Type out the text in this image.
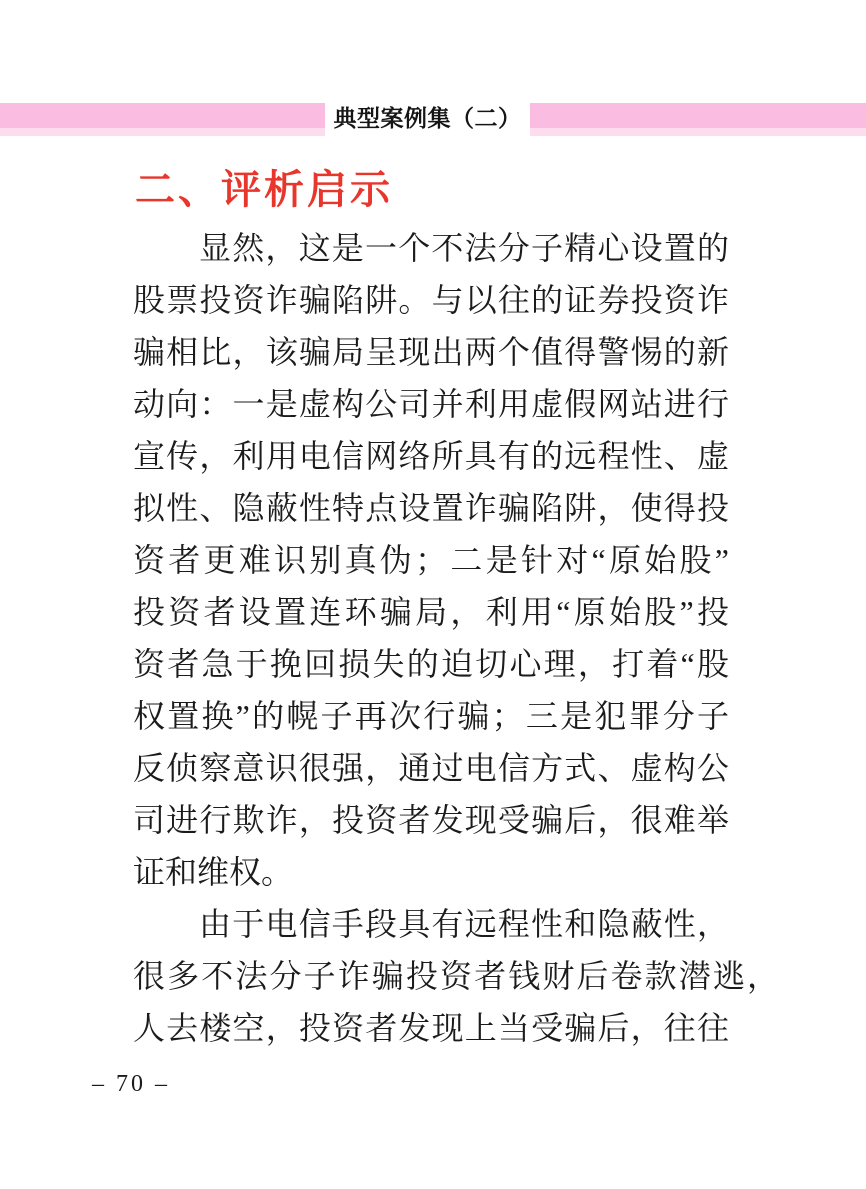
典型案例集（二）
二、评析启示
显然，这是一个不法分子精心设置的
股票投资诈骗陷阱。与以往的证券投资诈
骗相比，该骗局呈现出两个值得警惕的新
动向：一是虚构公司并利用虚假网站进行
宣传，利用电信网络所具有的远程性、虚
拟性、隐蔽性特点设置诈骗陷阱，使得投
资者更难识别真伪；二是针对“原始股”
投资者设置连环骗局，利用“原始股”投
资者急于挽回损失的迫切心理，打着“股
权置换”的幌子再次行骗；三是犯罪分子
反侦察意识很强，通过电信方式、虚构公
司进行欺诈，投资者发现受骗后，很难举
证和维权。
由于电信手段具有远程性和隐蔽性，
很多不法分子诈骗投资者钱财后卷款潜逃，
人去楼空，投资者发现上当受骗后，往往
– 70 –
